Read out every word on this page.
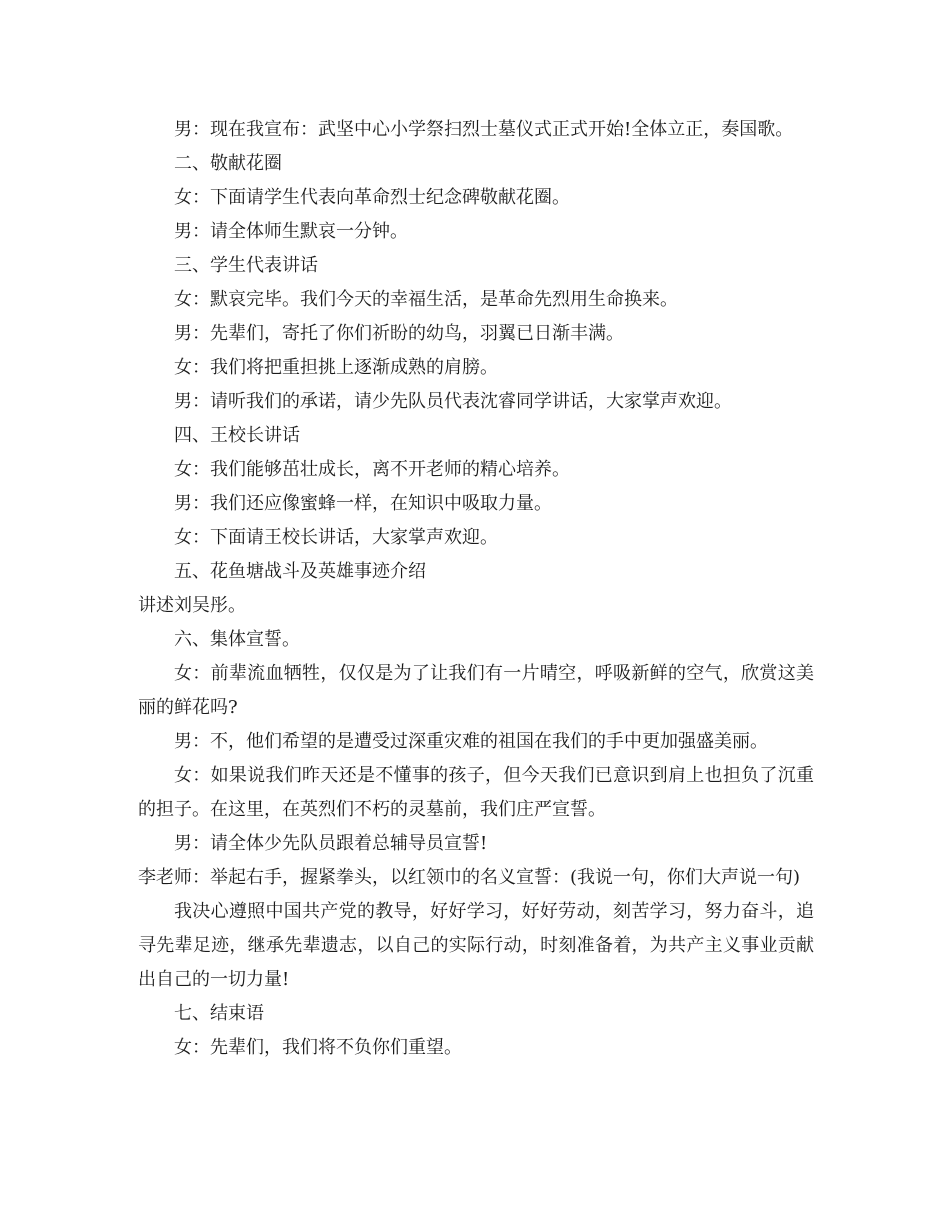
男：现在我宣布：武坚中心小学祭扫烈士墓仪式正式开始!全体立正，奏国歌。

二、敬献花圈

女：下面请学生代表向革命烈士纪念碑敬献花圈。

男：请全体师生默哀一分钟。

三、学生代表讲话

女：默哀完毕。我们今天的幸福生活，是革命先烈用生命换来。

男：先辈们，寄托了你们祈盼的幼鸟，羽翼已日渐丰满。

女：我们将把重担挑上逐渐成熟的肩膀。

男：请听我们的承诺，请少先队员代表沈睿同学讲话，大家掌声欢迎。

四、王校长讲话

女：我们能够茁壮成长，离不开老师的精心培养。

男：我们还应像蜜蜂一样，在知识中吸取力量。

女：下面请王校长讲话，大家掌声欢迎。

五、花鱼塘战斗及英雄事迹介绍

讲述刘吴彤。

六、集体宣誓。

女：前辈流血牺牲，仅仅是为了让我们有一片晴空，呼吸新鲜的空气，欣赏这美丽的鲜花吗?

男：不，他们希望的是遭受过深重灾难的祖国在我们的手中更加强盛美丽。

女：如果说我们昨天还是不懂事的孩子，但今天我们已意识到肩上也担负了沉重的担子。在这里，在英烈们不朽的灵墓前，我们庄严宣誓。

男：请全体少先队员跟着总辅导员宣誓!

李老师：举起右手，握紧拳头，以红领巾的名义宣誓：(我说一句，你们大声说一句)

我决心遵照中国共产党的教导，好好学习，好好劳动，刻苦学习，努力奋斗，追寻先辈足迹，继承先辈遗志，以自己的实际行动，时刻准备着，为共产主义事业贡献出自己的一切力量!

七、结束语

女：先辈们，我们将不负你们重望。
